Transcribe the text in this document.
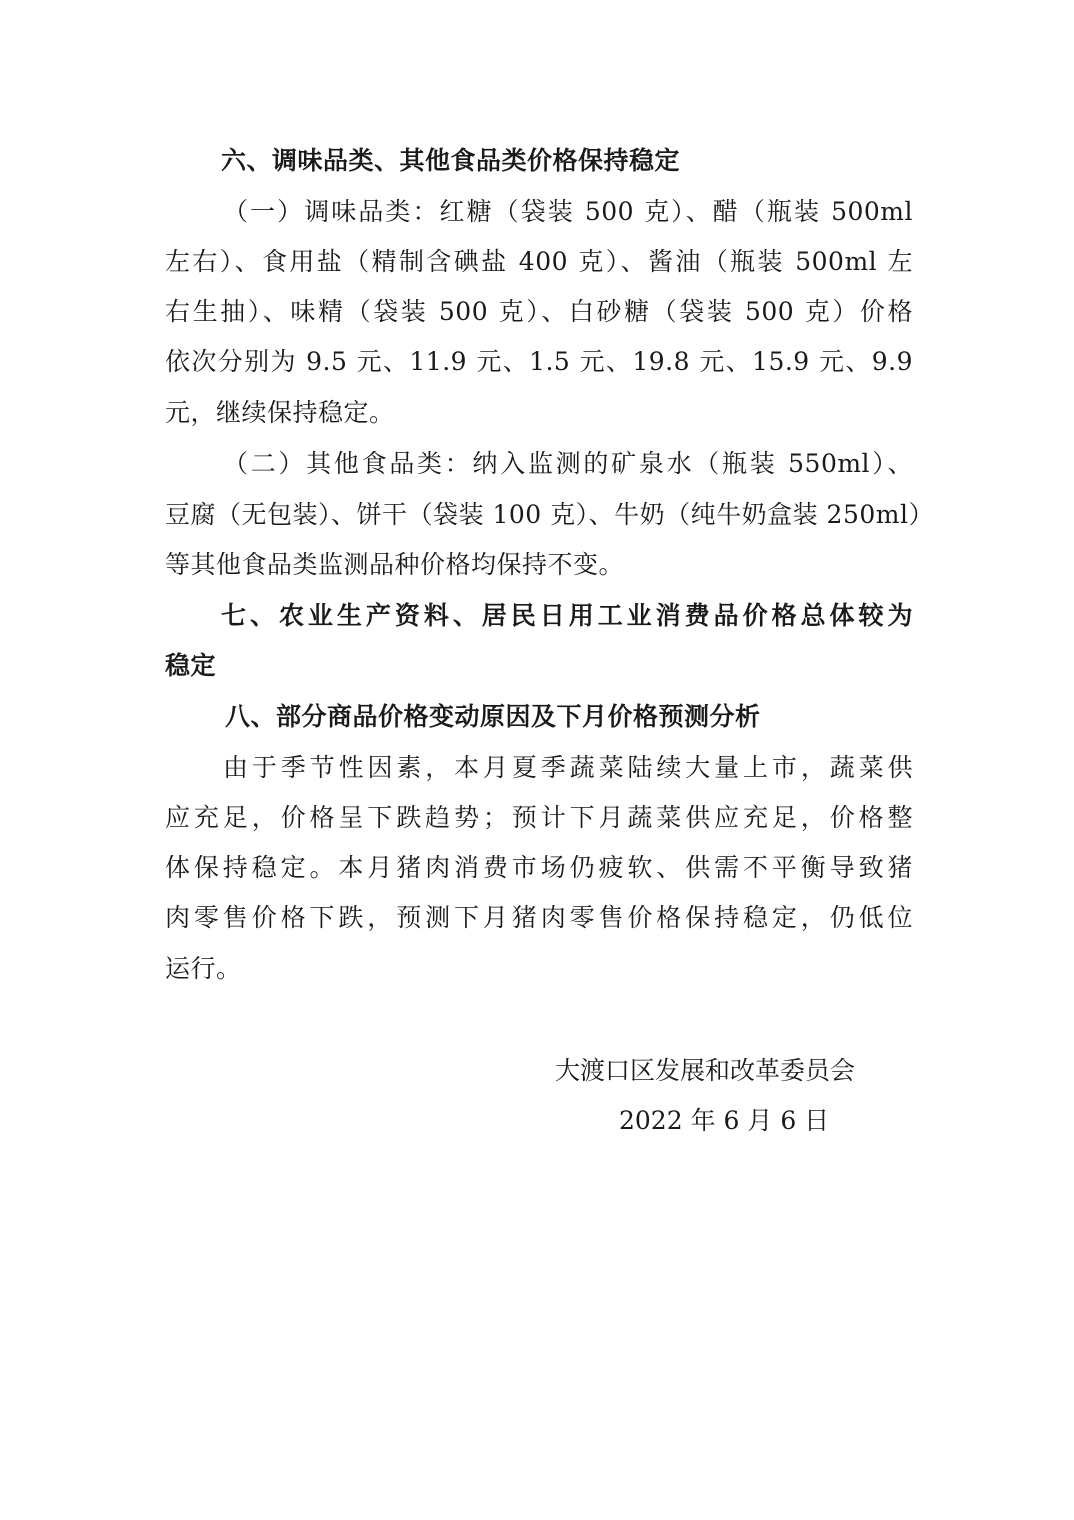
六、调味品类、其他食品类价格保持稳定
（一）调味品类：红糖（袋装 500 克）、醋（瓶装 500ml
左右）、食用盐（精制含碘盐 400 克）、酱油（瓶装 500ml 左
右生抽）、味精（袋装 500 克）、白砂糖（袋装 500 克）价格
依次分别为 9.5 元、11.9 元、1.5 元、19.8 元、15.9 元、9.9
元，继续保持稳定。
（二）其他食品类：纳入监测的矿泉水（瓶装 550ml）、
豆腐（无包装）、饼干（袋装 100 克）、牛奶（纯牛奶盒装 250ml）
等其他食品类监测品种价格均保持不变。
七、农业生产资料、居民日用工业消费品价格总体较为
稳定
八、部分商品价格变动原因及下月价格预测分析
由于季节性因素，本月夏季蔬菜陆续大量上市，蔬菜供
应充足，价格呈下跌趋势；预计下月蔬菜供应充足，价格整
体保持稳定。本月猪肉消费市场仍疲软、供需不平衡导致猪
肉零售价格下跌，预测下月猪肉零售价格保持稳定，仍低位
运行。
大渡口区发展和改革委员会
2022 年 6 月 6 日
